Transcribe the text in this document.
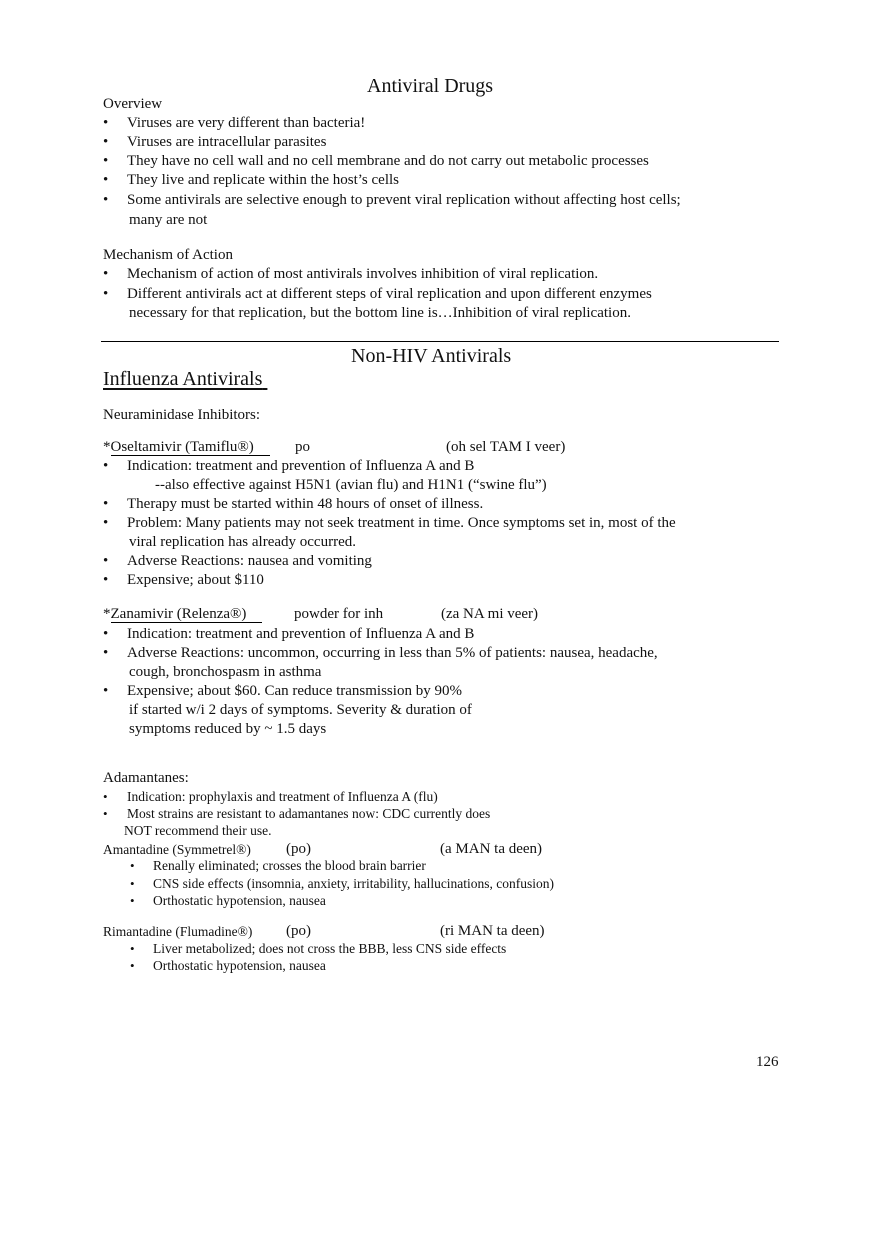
Antiviral Drugs
Overview
• Viruses are very different than bacteria!
• Viruses are intracellular parasites
• They have no cell wall and no cell membrane and do not carry out metabolic processes
• They live and replicate within the host’s cells
• Some antivirals are selective enough to prevent viral replication without affecting host cells;
many are not
Mechanism of Action
• Mechanism of action of most antivirals involves inhibition of viral replication.
• Different antivirals act at different steps of viral replication and upon different enzymes
necessary for that replication, but the bottom line is…Inhibition of viral replication.
Non-HIV Antivirals
Influenza Antivirals
Neuraminidase Inhibitors:
*Oseltamivir (Tamiflu®)	po	(oh sel TAM I veer)
• Indication: treatment and prevention of Influenza A and B
--also effective against H5N1 (avian flu) and H1N1 (“swine flu”)
• Therapy must be started within 48 hours of onset of illness.
• Problem: Many patients may not seek treatment in time. Once symptoms set in, most of the
viral replication has already occurred.
• Adverse Reactions: nausea and vomiting
• Expensive; about $110
*Zanamivir (Relenza®)	powder for inh	(za NA mi veer)
• Indication: treatment and prevention of Influenza A and B
• Adverse Reactions: uncommon, occurring in less than 5% of patients: nausea, headache,
cough, bronchospasm in asthma
• Expensive; about $60. Can reduce transmission by 90%
if started w/i 2 days of symptoms. Severity & duration of
symptoms reduced by ~ 1.5 days
Adamantanes:
• Indication: prophylaxis and treatment of Influenza A (flu)
• Most strains are resistant to adamantanes now: CDC currently does
NOT recommend their use.
Amantadine (Symmetrel®) (po)	(a MAN ta deen)
• Renally eliminated; crosses the blood brain barrier
• CNS side effects (insomnia, anxiety, irritability, hallucinations, confusion)
• Orthostatic hypotension, nausea
Rimantadine (Flumadine®) (po)	(ri MAN ta deen)
• Liver metabolized; does not cross the BBB, less CNS side effects
• Orthostatic hypotension, nausea
126
